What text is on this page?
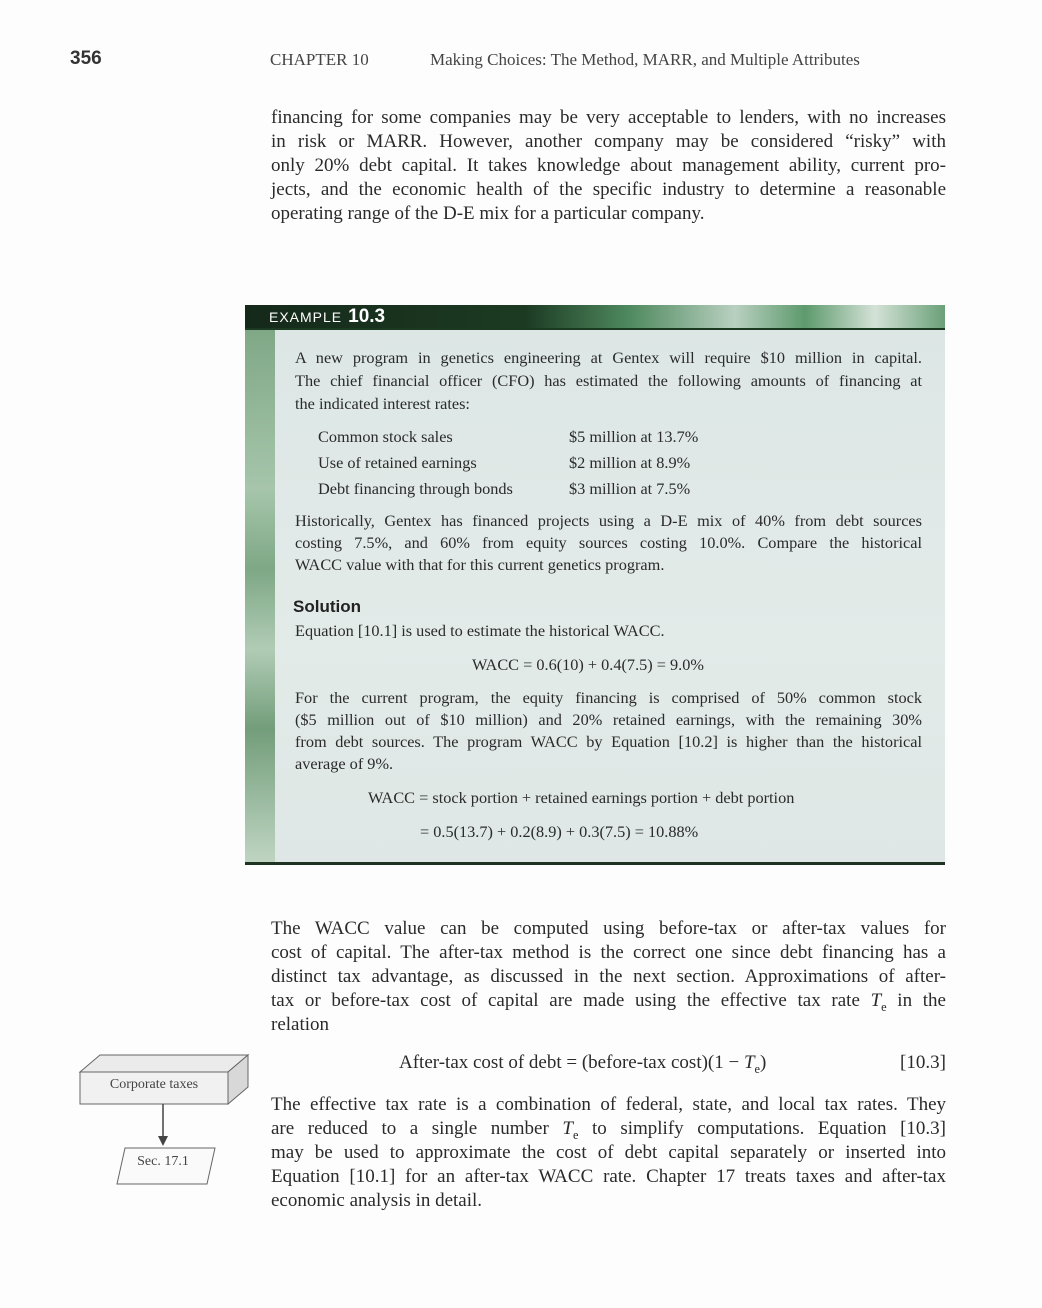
356	CHAPTER 10	Making Choices: The Method, MARR, and Multiple Attributes
financing for some companies may be very acceptable to lenders, with no increases
in risk or MARR. However, another company may be considered “risky” with
only 20% debt capital. It takes knowledge about management ability, current pro-
jects, and the economic health of the specific industry to determine a reasonable
operating range of the D-E mix for a particular company.
EXAMPLE 10.3
A new program in genetics engineering at Gentex will require $10 million in capital.
The chief financial officer (CFO) has estimated the following amounts of financing at
the indicated interest rates:
Common stock sales	$5 million at 13.7%
Use of retained earnings	$2 million at 8.9%
Debt financing through bonds	$3 million at 7.5%
Historically, Gentex has financed projects using a D-E mix of 40% from debt sources
costing 7.5%, and 60% from equity sources costing 10.0%. Compare the historical
WACC value with that for this current genetics program.
Solution
Equation [10.1] is used to estimate the historical WACC.
WACC = 0.6(10) + 0.4(7.5) = 9.0%
For the current program, the equity financing is comprised of 50% common stock
($5 million out of $10 million) and 20% retained earnings, with the remaining 30%
from debt sources. The program WACC by Equation [10.2] is higher than the historical
average of 9%.
WACC = stock portion + retained earnings portion + debt portion
= 0.5(13.7) + 0.2(8.9) + 0.3(7.5) = 10.88%
The WACC value can be computed using before-tax or after-tax values for
cost of capital. The after-tax method is the correct one since debt financing has a
distinct tax advantage, as discussed in the next section. Approximations of after-
tax or before-tax cost of capital are made using the effective tax rate $T_e$ in the
relation
After-tax cost of debt = (before-tax $\cos t)(1 - T_e)$	[10.3]
The effective tax rate is a combination of federal, state, and local tax rates. They
are reduced to a single number $T_e$ to simplify computations. Equation [10.3]
may be used to approximate the cost of debt capital separately or inserted into
Equation [10.1] for an after-tax WACC rate. Chapter 17 treats taxes and after-tax
economic analysis in detail.
Corporate taxes
Sec. 17.1
